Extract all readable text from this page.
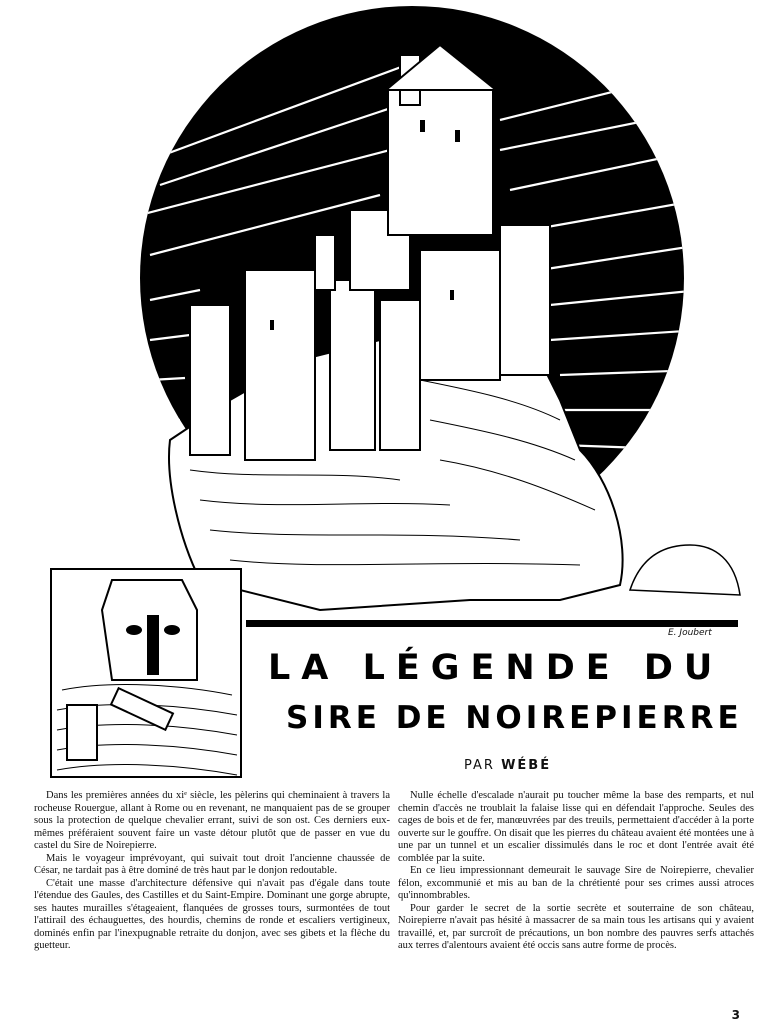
E. Joubert
LA LÉGENDE DU
SIRE DE NOIREPIERRE
PAR WÉBÉ

Dans les premières années du xiᵉ siècle, les pèlerins qui cheminaient à travers la rocheuse Rouergue, allant à Rome ou en revenant, ne manquaient pas de se grouper sous la protection de quelque chevalier errant, suivi de son ost. Ces derniers eux-mêmes préféraient souvent faire un vaste détour plutôt que de passer en vue du castel du Sire de Noirepierre.

Mais le voyageur imprévoyant, qui suivait tout droit l'ancienne chaussée de César, ne tardait pas à être dominé de très haut par le donjon redoutable.

C'était une masse d'architecture défensive qui n'avait pas d'égale dans toute l'étendue des Gaules, des Castilles et du Saint-Empire. Dominant une gorge abrupte, ses hautes murailles s'étageaient, flanquées de grosses tours, surmontées de tout l'attirail des échauguettes, des hourdis, chemins de ronde et escaliers vertigineux, dominés enfin par l'inexpugnable retraite du donjon, avec ses gibets et la flèche du guetteur.

Nulle échelle d'escalade n'aurait pu toucher même la base des remparts, et nul chemin d'accès ne troublait la falaise lisse qui en défendait l'approche. Seules des cages de bois et de fer, manœuvrées par des treuils, permettaient d'accéder à la porte ouverte sur le gouffre. On disait que les pierres du château avaient été montées une à une par un tunnel et un escalier dissimulés dans le roc et dont l'entrée avait été comblée par la suite.

En ce lieu impressionnant demeurait le sauvage Sire de Noirepierre, chevalier félon, excommunié et mis au ban de la chrétienté pour ses crimes aussi atroces qu'innombrables.

Pour garder le secret de la sortie secrète et souterraine de son château, Noirepierre n'avait pas hésité à massacrer de sa main tous les artisans qui y avaient travaillé, et, par surcroît de précautions, un bon nombre des pauvres serfs attachés aux terres d'alentours avaient été occis sans autre forme de procès.

3
